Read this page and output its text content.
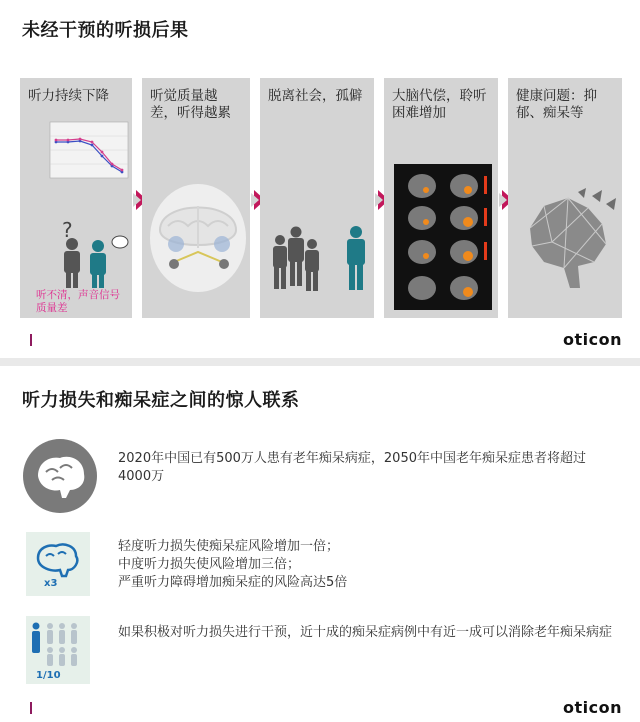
未经干预的听损后果
听力持续下降
?
听不清，声音信号质量差
听觉质量越差，听得越累
脱离社会，孤僻	大脑代偿，聆听困难增加
健康问题：抑郁、痴呆等
oticon
听力损失和痴呆症之间的惊人联系
2020年中国已有500万人患有老年痴呆病症，2050年中国老年痴呆症患者将超过4000万
x3
轻度听力损失使痴呆症风险增加一倍；
中度听力损失使风险增加三倍；
严重听力障碍增加痴呆症的风险高达5倍
1/10
如果积极对听力损失进行干预，近十成的痴呆症病例中有近一成可以消除老年痴呆病症
oticon
